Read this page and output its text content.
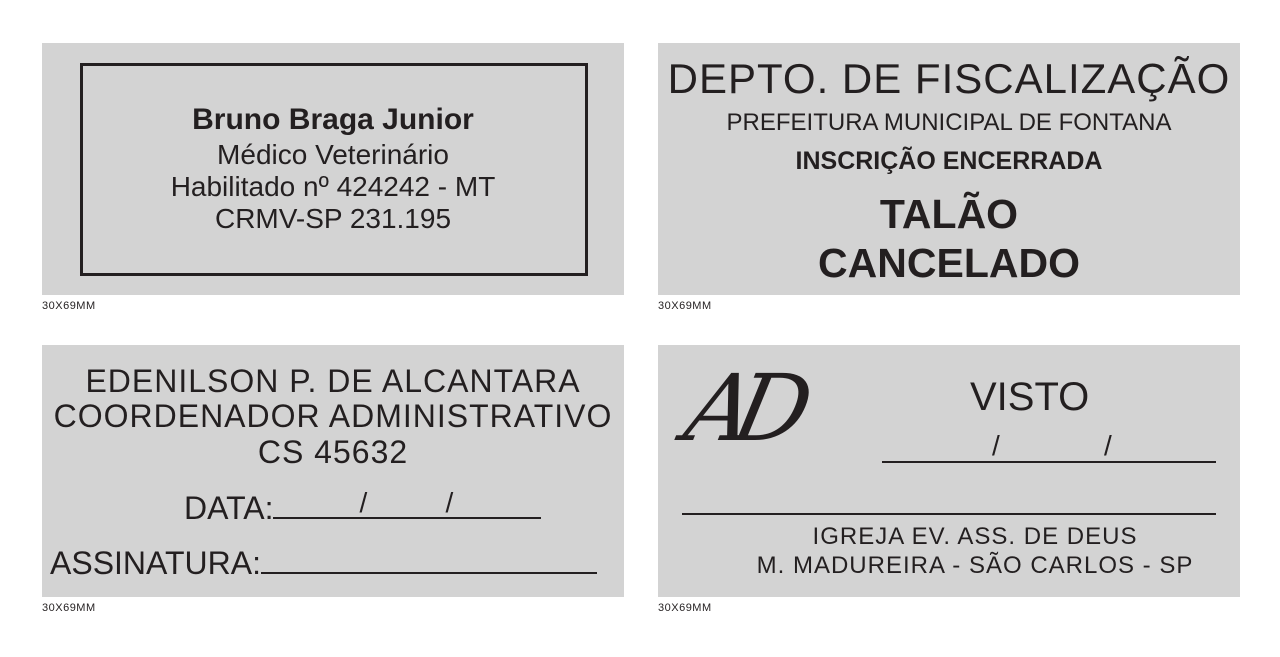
Bruno Braga Junior
Médico Veterinário
Habilitado nº 424242 - MT
CRMV-SP 231.195
30X69MM
DEPTO. DE FISCALIZAÇÃO
PREFEITURA MUNICIPAL DE FONTANA
INSCRIÇÃO ENCERRADA
TALÃO
CANCELADO
30X69MM
EDENILSON P. DE ALCANTARA
COORDENADOR ADMINISTRATIVO
CS 45632
DATA:	/	/
ASSINATURA:
30X69MM
AD	VISTO
/	/
IGREJA EV. ASS. DE DEUS
M. MADUREIRA - SÃO CARLOS - SP
30X69MM
